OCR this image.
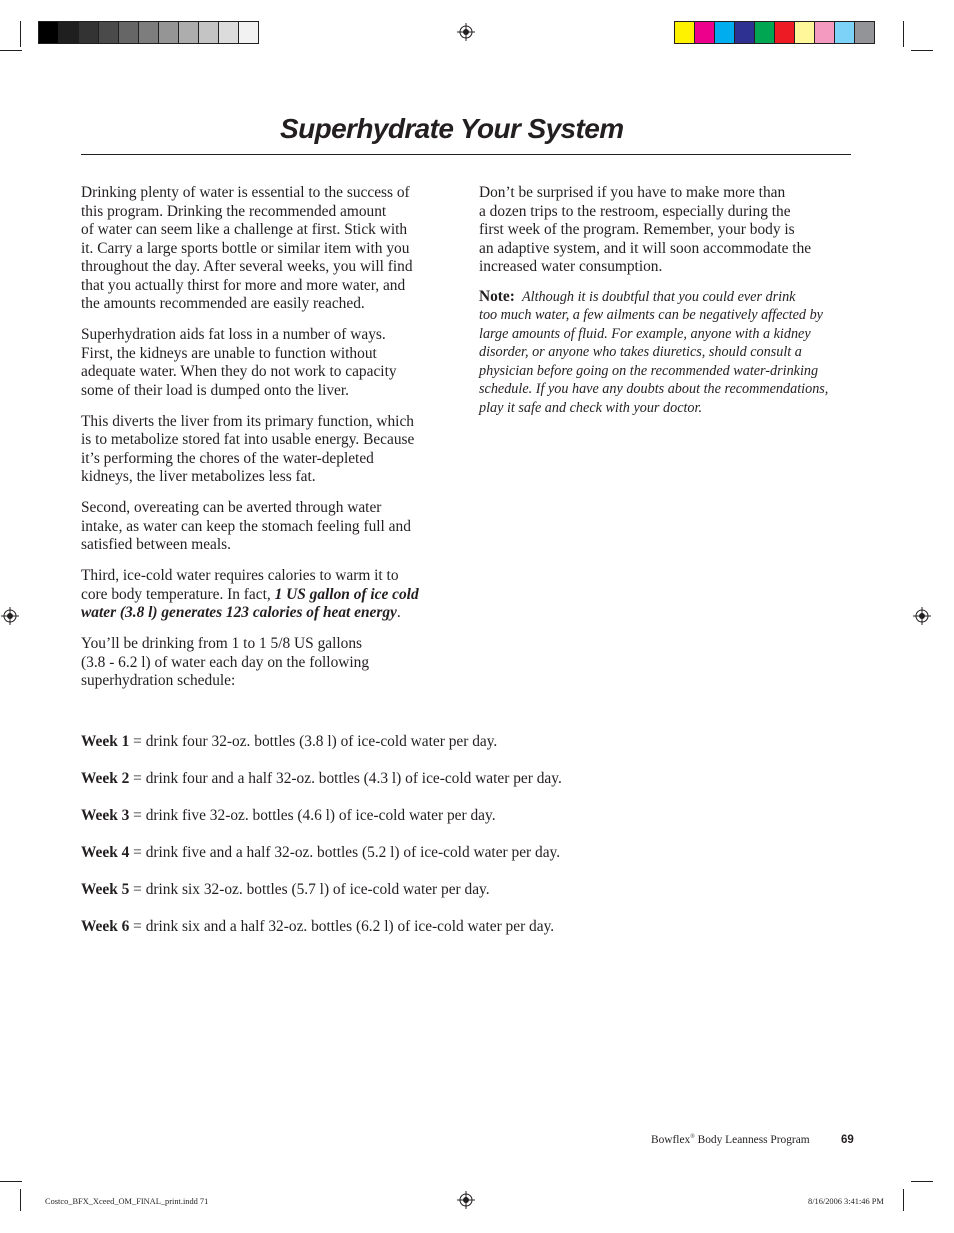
Superhydrate Your System

Drinking plenty of water is essential to the success of
this program. Drinking the recommended amount
of water can seem like a challenge at first. Stick with
it. Carry a large sports bottle or similar item with you
throughout the day. After several weeks, you will find
that you actually thirst for more and more water, and
the amounts recommended are easily reached.

Superhydration aids fat loss in a number of ways.
First, the kidneys are unable to function without
adequate water. When they do not work to capacity
some of their load is dumped onto the liver.

This diverts the liver from its primary function, which
is to metabolize stored fat into usable energy. Because
it’s performing the chores of the water-depleted
kidneys, the liver metabolizes less fat.

Second, overeating can be averted through water
intake, as water can keep the stomach feeling full and
satisfied between meals.

Third, ice-cold water requires calories to warm it to
core body temperature. In fact, 1 US gallon of ice cold
water (3.8 l) generates 123 calories of heat energy.

You’ll be drinking from 1 to 1 5/8 US gallons
(3.8 - 6.2 l) of water each day on the following
superhydration schedule:

Don’t be surprised if you have to make more than
a dozen trips to the restroom, especially during the
first week of the program. Remember, your body is
an adaptive system, and it will soon accommodate the
increased water consumption.

Note: Although it is doubtful that you could ever drink
too much water, a few ailments can be negatively affected by
large amounts of fluid. For example, anyone with a kidney
disorder, or anyone who takes diuretics, should consult a
physician before going on the recommended water-drinking
schedule. If you have any doubts about the recommendations,
play it safe and check with your doctor.

Week 1 = drink four 32-oz. bottles (3.8 l) of ice-cold water per day.
Week 2 = drink four and a half 32-oz. bottles (4.3 l) of ice-cold water per day.
Week 3 = drink five 32-oz. bottles (4.6 l) of ice-cold water per day.
Week 4 = drink five and a half 32-oz. bottles (5.2 l) of ice-cold water per day.
Week 5 = drink six 32-oz. bottles (5.7 l) of ice-cold water per day.
Week 6 = drink six and a half 32-oz. bottles (6.2 l) of ice-cold water per day.
Bowflex® Body Leanness Program	69
Costco_BFX_Xceed_OM_FINAL_print.indd 71	8/16/2006 3:41:46 PM
